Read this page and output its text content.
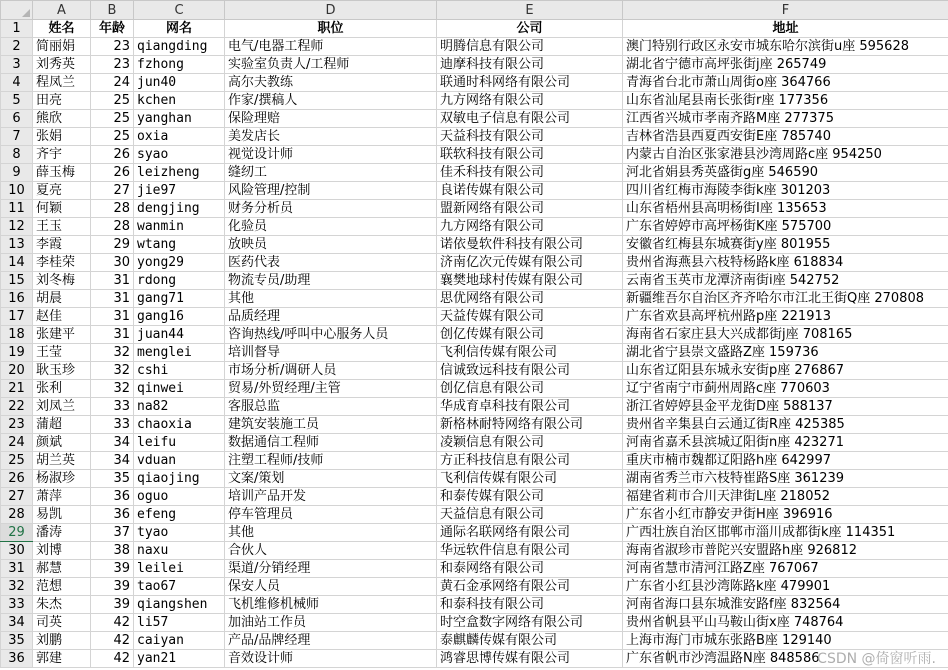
	A	B	C	D	E	F
1	姓名	年龄	网名	职位	公司	地址
2	简丽娟	23	qiangding	电气/电器工程师	明腾信息有限公司	澳门特别行政区永安市城东哈尔滨街u座 595628
3	刘秀英	23	fzhong	实验室负责人/工程师	迪摩科技有限公司	湖北省宁德市高坪张街j座 265749
4	程凤兰	24	jun40	高尔夫教练	联通时科网络有限公司	青海省台北市萧山周街o座 364766
5	田亮	25	kchen	作家/撰稿人	九方网络有限公司	山东省汕尾县南长张街r座 177356
6	熊欣	25	yanghan	保险理赔	双敏电子信息有限公司	江西省兴城市孝南齐路M座 277375
7	张娟	25	oxia	美发店长	天益科技有限公司	吉林省浩县西夏西安街E座 785740
8	齐宇	26	syao	视觉设计师	联软科技有限公司	内蒙古自治区张家港县沙湾周路c座 954250
9	薛玉梅	26	leizheng	缝纫工	佳禾科技有限公司	河北省娟县秀英盛街g座 546590
10	夏亮	27	jie97	风险管理/控制	良诺传媒有限公司	四川省红梅市海陵李街k座 301203
11	何颖	28	dengjing	财务分析员	盟新网络有限公司	山东省梧州县高明杨街I座 135653
12	王玉	28	wanmin	化验员	九方网络有限公司	广东省婷婷市高坪杨街K座 575700
13	李霞	29	wtang	放映员	诺依曼软件科技有限公司	安徽省红梅县东城赛街y座 801955
14	李桂荣	30	yong29	医药代表	济南亿次元传媒有限公司	贵州省海燕县六枝特杨路k座 618834
15	刘冬梅	31	rdong	物流专员/助理	襄樊地球村传媒有限公司	云南省玉英市龙潭济南街i座 542752
16	胡晨	31	gang71	其他	思优网络有限公司	新疆维吾尔自治区齐齐哈尔市江北王街Q座 270808
17	赵佳	31	gang16	品质经理	天益传媒有限公司	广东省欢县高坪杭州路p座 221913
18	张建平	31	juan44	咨询热线/呼叫中心服务人员	创亿传媒有限公司	海南省石家庄县大兴成都街j座 708165
19	王莹	32	menglei	培训督导	飞利信传媒有限公司	湖北省宁县崇文盛路Z座 159736
20	耿玉珍	32	cshi	市场分析/调研人员	信诚致远科技有限公司	山东省辽阳县东城永安街p座 276867
21	张利	32	qinwei	贸易/外贸经理/主管	创亿信息有限公司	辽宁省南宁市蓟州周路c座 770603
22	刘凤兰	33	na82	客服总监	华成育卓科技有限公司	浙江省婷婷县金平龙街D座 588137
23	蒲超	33	chaoxia	建筑安装施工员	新格林耐特网络有限公司	贵州省辛集县白云通辽街R座 425385
24	颜斌	34	leifu	数据通信工程师	凌颖信息有限公司	河南省嘉禾县滨城辽阳街n座 423271
25	胡兰英	34	vduan	注塑工程师/技师	方正科技信息有限公司	重庆市楠市魏都辽阳路h座 642997
26	杨淑珍	35	qiaojing	文案/策划	飞利信传媒有限公司	湖南省秀兰市六枝特崔路S座 361239
27	萧萍	36	oguo	培训产品开发	和泰传媒有限公司	福建省莉市合川天津街L座 218052
28	易凯	36	efeng	停车管理员	天益信息有限公司	广东省小红市静安尹街H座 396916
29	潘涛	37	tyao	其他	通际名联网络有限公司	广西壮族自治区邯郸市淄川成都街k座 114351
30	刘博	38	naxu	合伙人	华远软件信息有限公司	海南省淑珍市普陀兴安盟路h座 926812
31	郝慧	39	leilei	渠道/分销经理	和泰网络有限公司	河南省慧市清河江路Z座 767067
32	范想	39	tao67	保安人员	黄石金承网络有限公司	广东省小红县沙湾陈路k座 479901
33	朱杰	39	qiangshen	飞机维修机械师	和泰科技有限公司	河南省海口县东城淮安路f座 832564
34	司英	42	li57	加油站工作员	时空盒数字网络有限公司	贵州省帆县平山马鞍山街x座 748764
35	刘鹏	42	caiyan	产品/品牌经理	泰麒麟传媒有限公司	上海市海门市城东张路B座 129140
36	郭建	42	yan21	音效设计师	鸿睿思博传媒有限公司	广东省帆市沙湾温路N座 848586
CSDN @倚窗听雨.
